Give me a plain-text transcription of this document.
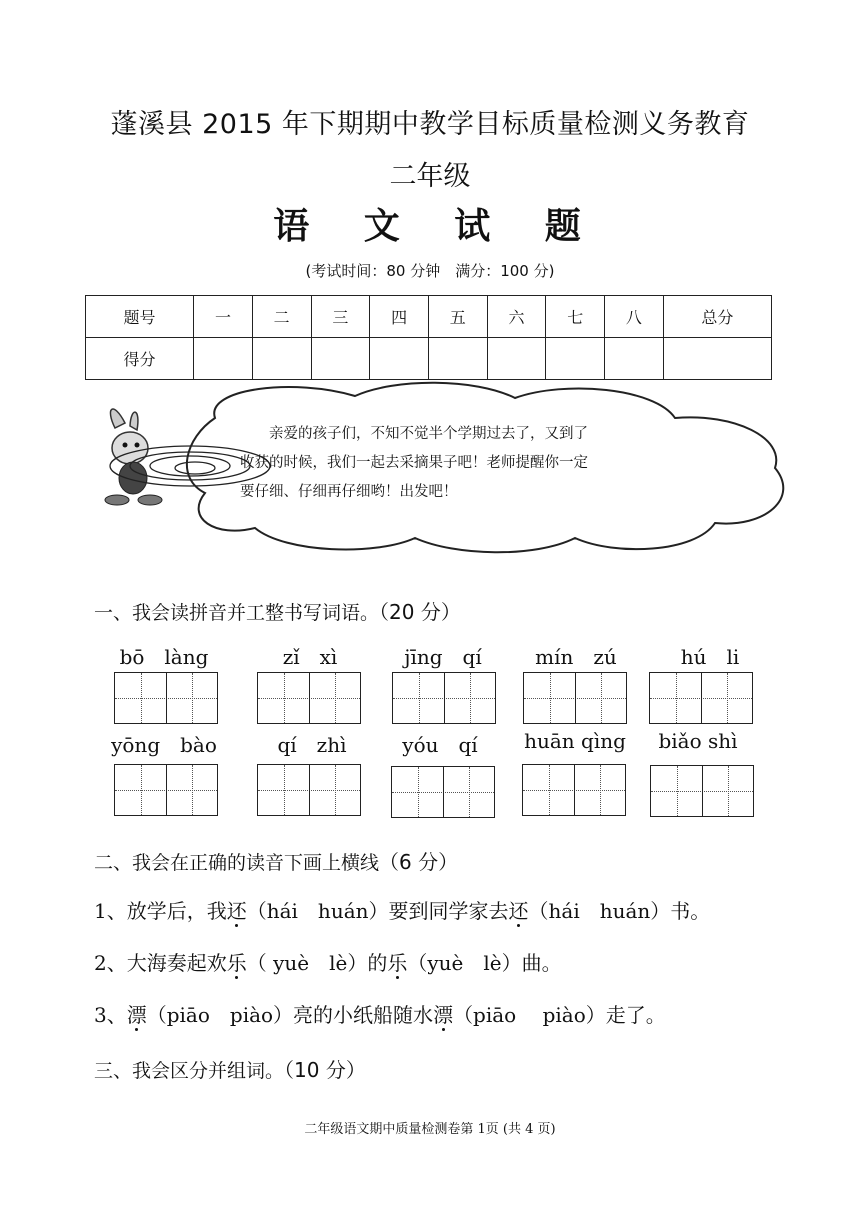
蓬溪县 2015 年下期期中教学目标质量检测义务教育
二年级
语 文 试 题
(考试时间：80 分钟　满分：100 分)
题号	一	二	三	四	五	六	七	八	总分
得分									
　　亲爱的孩子们，不知不觉半个学期过去了，又到了
收获的时候，我们一起去采摘果子吧！老师提醒你一定
要仔细、仔细再仔细哟！出发吧！
一、我会读拼音并工整书写词语。（20 分）
bō　làng	zǐ　xì	jīng　qí	mín　zú	hú　li
yōng　bào	qí　zhì	yóu　qí	huān qìng	biǎo shì
二、我会在正确的读音下画上横线（6 分）
1、放学后，我还（hái　huán）要到同学家去还（hái　huán）书。
2、大海奏起欢乐（ yuè　lè）的乐（yuè　lè）曲。
3、漂（piāo　piào）亮的小纸船随水漂（piāo　 piào）走了。
三、我会区分并组词。（10 分）
二年级语文期中质量检测卷第 1页 (共 4 页)
